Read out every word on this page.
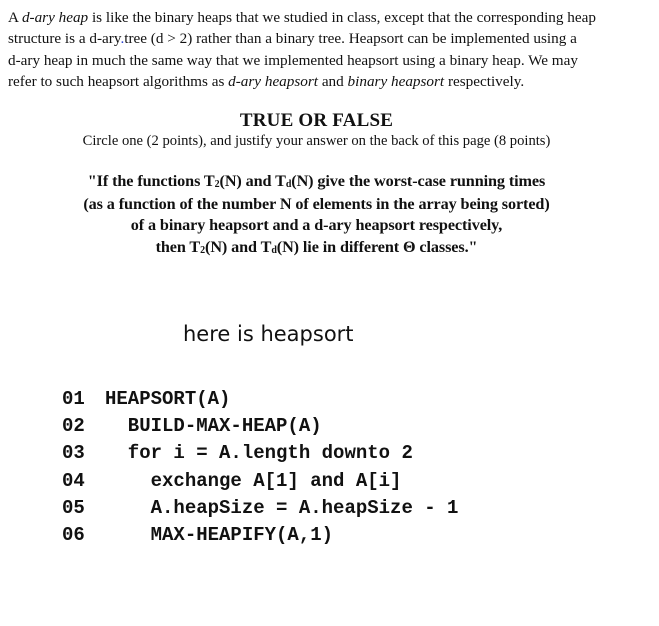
A d-ary heap is like the binary heaps that we studied in class, except that the corresponding heap
structure is a d-ary.tree (d > 2) rather than a binary tree. Heapsort can be implemented using a
d-ary heap in much the same way that we implemented heapsort using a binary heap. We may
refer to such heapsort algorithms as d-ary heapsort and binary heapsort respectively.
TRUE OR FALSE
Circle one (2 points), and justify your answer on the back of this page (8 points)
"If the functions $T_2(N)$ and $T_d(N)$ give the worst-case running times
(as a function of the number N of elements in the array being sorted)
of a binary heapsort and a d-ary heapsort respectively,
then $T_2(N)$ and $T_d(N)$ lie in different Θ classes."
here is heapsort
01 HEAPSORT(A)
02  BUILD-MAX-HEAP(A)
03  for i = A.length downto 2
04    exchange A[1] and A[i]
05    A.heapSize = A.heapSize - 1
06    MAX-HEAPIFY(A,1)
